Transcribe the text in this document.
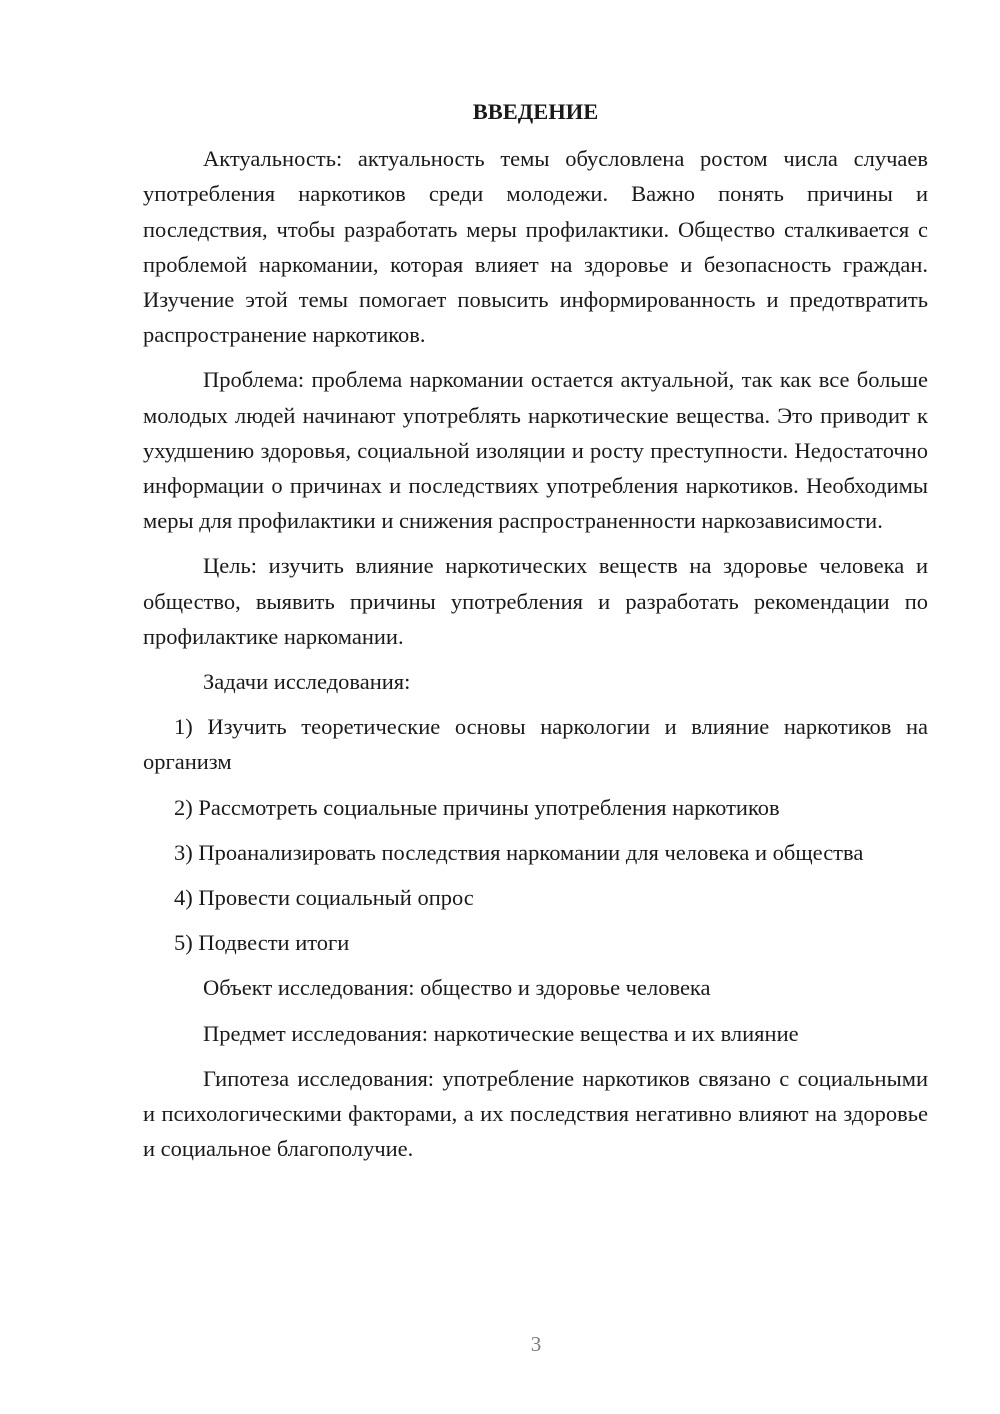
ВВЕДЕНИЕ

Актуальность: актуальность темы обусловлена ростом числа случаев употребления наркотиков среди молодежи. Важно понять причины и последствия, чтобы разработать меры профилактики. Общество сталкивается с проблемой наркомании, которая влияет на здоровье и безопасность граждан. Изучение этой темы помогает повысить информированность и предотвратить распространение наркотиков.

Проблема: проблема наркомании остается актуальной, так как все больше молодых людей начинают употреблять наркотические вещества. Это приводит к ухудшению здоровья, социальной изоляции и росту преступности. Недостаточно информации о причинах и последствиях употребления наркотиков. Необходимы меры для профилактики и снижения распространенности наркозависимости.

Цель: изучить влияние наркотических веществ на здоровье человека и общество, выявить причины употребления и разработать рекомендации по профилактике наркомании.

Задачи исследования:

1) Изучить теоретические основы наркологии и влияние наркотиков на организм

2) Рассмотреть социальные причины употребления наркотиков

3) Проанализировать последствия наркомании для человека и общества

4) Провести социальный опрос

5) Подвести итоги

Объект исследования: общество и здоровье человека

Предмет исследования: наркотические вещества и их влияние

Гипотеза исследования: употребление наркотиков связано с социальными и психологическими факторами, а их последствия негативно влияют на здоровье и социальное благополучие.

3
